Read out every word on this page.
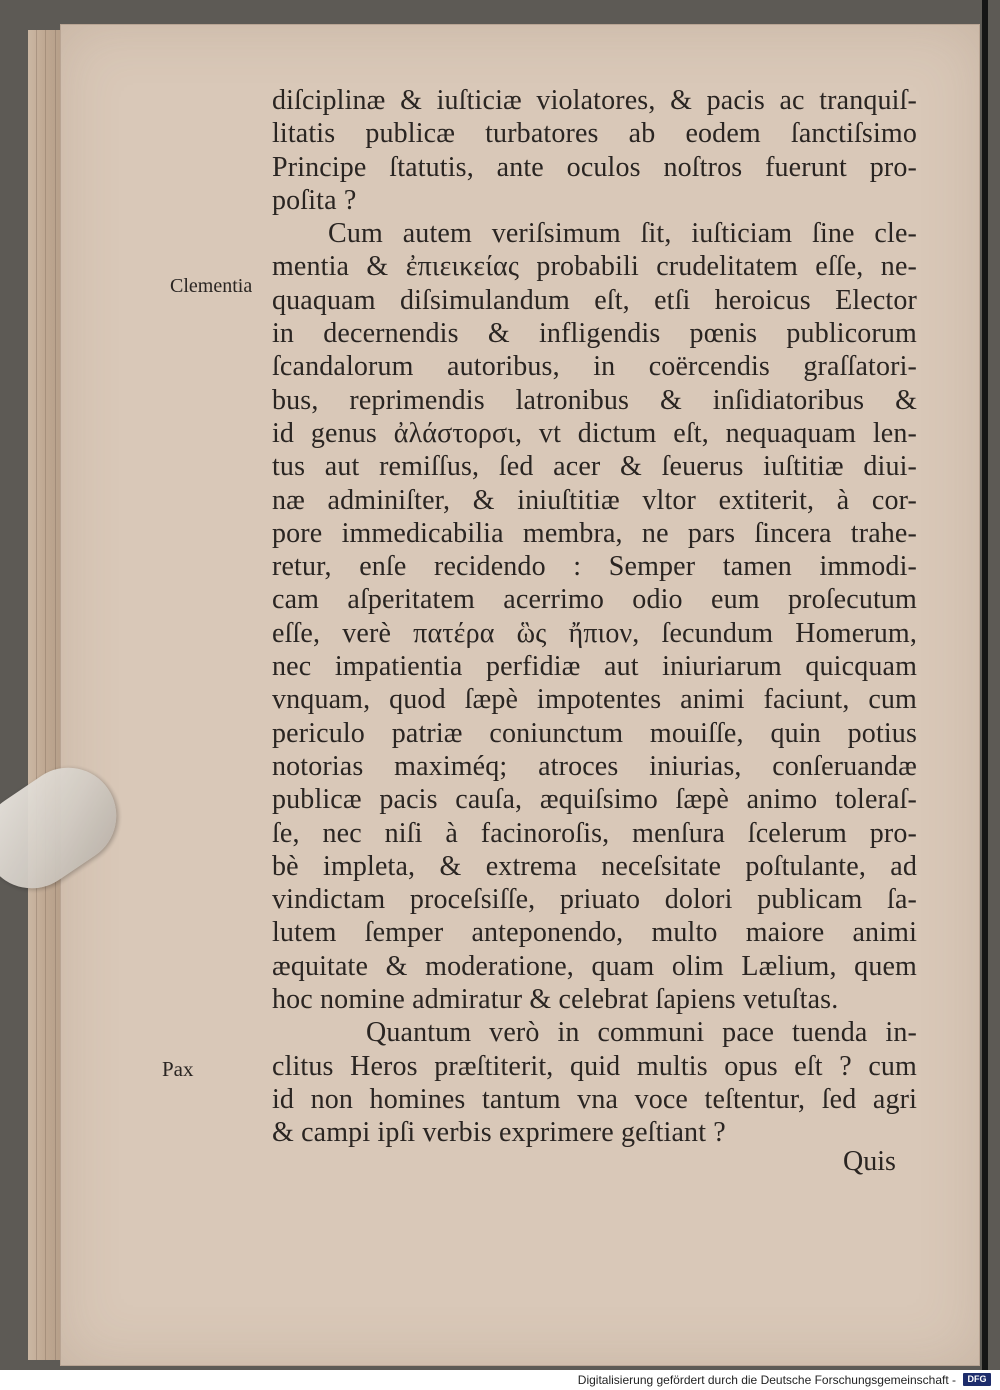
diſciplinæ & iuſticiæ violatores, & pacis ac tranquiſ-
litatis publicæ turbatores ab eodem ſanctiſsimo
Principe ſtatutis, ante oculos noſtros fuerunt pro-
poſita ?
Cum autem veriſsimum ſit, iuſticiam ſine cle-
mentia & ἐπιεικείας probabili crudelitatem eſſe, ne-
quaquam diſsimulandum eſt, etſi heroicus Elector
in decernendis & infligendis pœnis publicorum
ſcandalorum autoribus, in coërcendis graſſatori-
bus, reprimendis latronibus & inſidiatoribus &
id genus ἀλάστορσι, vt dictum eſt, nequaquam len-
tus aut remiſſus, ſed acer & ſeuerus iuſtitiæ diui-
næ adminiſter, & iniuſtitiæ vltor extiterit, à cor-
pore immedicabilia membra, ne pars ſincera trahe-
retur, enſe recidendo : Semper tamen immodi-
cam aſperitatem acerrimo odio eum proſecutum
eſſe, verè πατέρα ὣς ἤπιον, ſecundum Homerum,
nec impatientia perfidiæ aut iniuriarum quicquam
vnquam, quod ſæpè impotentes animi faciunt, cum
periculo patriæ coniunctum mouiſſe, quin potius
notorias maximéq; atroces iniurias, conſeruandæ
publicæ pacis cauſa, æquiſsimo ſæpè animo toleraſ-
ſe, nec niſi à facinoroſis, menſura ſcelerum pro-
bè impleta, & extrema neceſsitate poſtulante, ad
vindictam proceſsiſſe, priuato dolori publicam ſa-
lutem ſemper anteponendo, multo maiore animi
æquitate & moderatione, quam olim Lælium, quem
hoc nomine admiratur & celebrat ſapiens vetuſtas.
Quantum verò in communi pace tuenda in-
clitus Heros præſtiterit, quid multis opus eſt ? cum
id non homines tantum vna voce teſtentur, ſed agri
& campi ipſi verbis exprimere geſtiant ?
Quis
Clementia
Pax
Digitalisierung gefördert durch die Deutsche Forschungsgemeinschaft -	DFG
